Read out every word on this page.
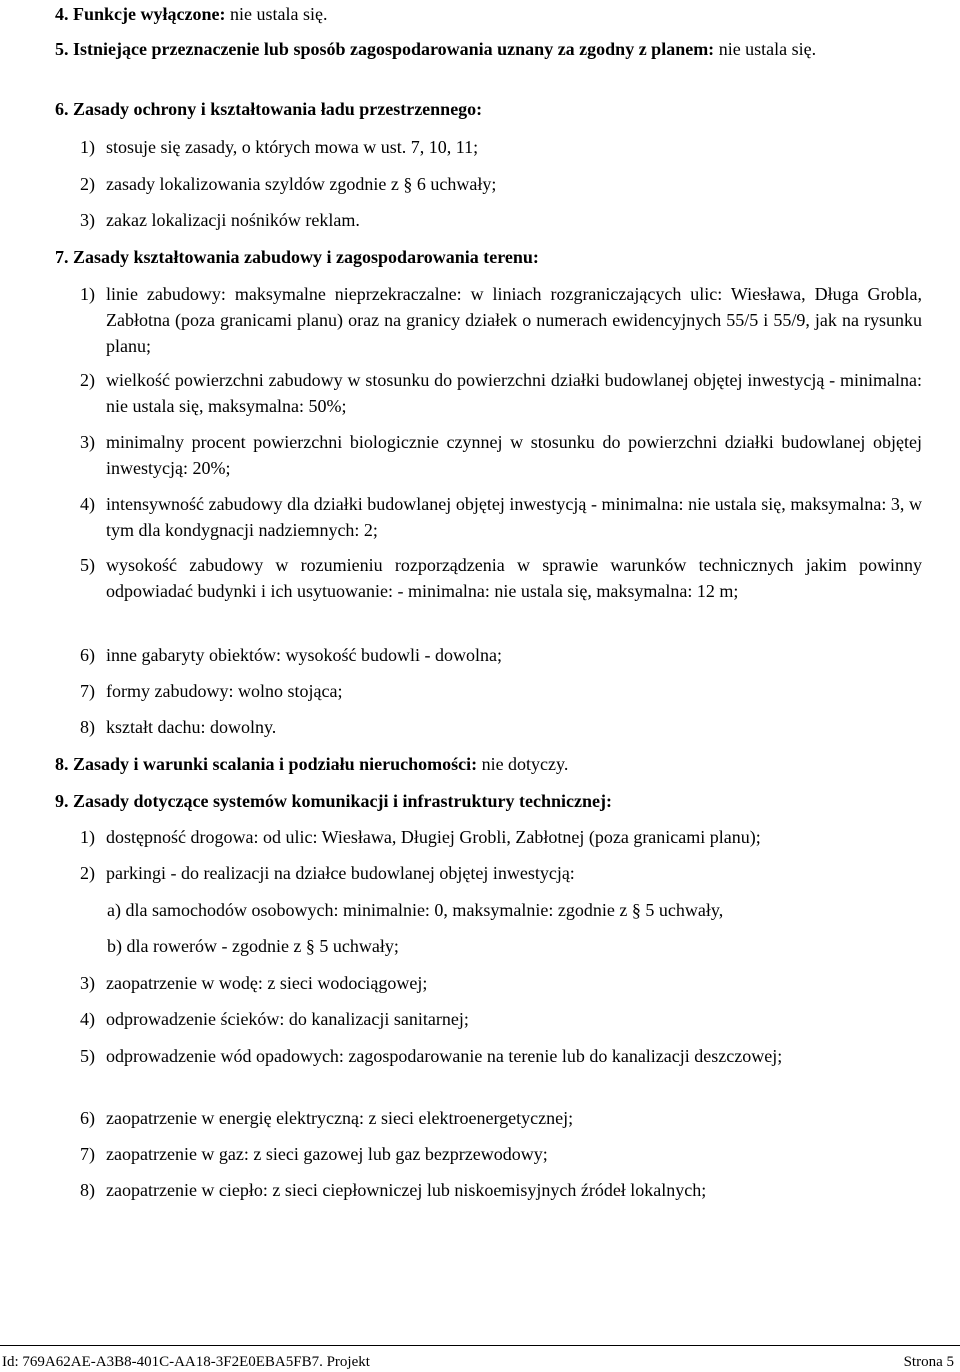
4. Funkcje wyłączone: nie ustala się.
5. Istniejące przeznaczenie lub sposób zagospodarowania uznany za zgodny z planem: nie ustala się.
6. Zasady ochrony i kształtowania ładu przestrzennego:
1) stosuje się zasady, o których mowa w ust. 7, 10, 11;
2) zasady lokalizowania szyldów zgodnie z § 6 uchwały;
3) zakaz lokalizacji nośników reklam.
7. Zasady kształtowania zabudowy i zagospodarowania terenu:
1) linie zabudowy: maksymalne nieprzekraczalne: w liniach rozgraniczających ulic: Wiesława, Długa Grobla, Zabłotna (poza granicami planu) oraz na granicy działek o numerach ewidencyjnych 55/5 i 55/9, jak na rysunku planu;
2) wielkość powierzchni zabudowy w stosunku do powierzchni działki budowlanej objętej inwestycją - minimalna: nie ustala się, maksymalna: 50%;
3) minimalny procent powierzchni biologicznie czynnej w stosunku do powierzchni działki budowlanej objętej inwestycją: 20%;
4) intensywność zabudowy dla działki budowlanej objętej inwestycją - minimalna: nie ustala się, maksymalna: 3, w tym dla kondygnacji nadziemnych: 2;
5) wysokość zabudowy w rozumieniu rozporządzenia w sprawie warunków technicznych jakim powinny odpowiadać budynki i ich usytuowanie: - minimalna: nie ustala się, maksymalna: 12 m;
6) inne gabaryty obiektów: wysokość budowli - dowolna;
7) formy zabudowy: wolno stojąca;
8) kształt dachu: dowolny.
8. Zasady i warunki scalania i podziału nieruchomości: nie dotyczy.
9. Zasady dotyczące systemów komunikacji i infrastruktury technicznej:
1) dostępność drogowa: od ulic: Wiesława, Długiej Grobli, Zabłotnej (poza granicami planu);
2) parkingi - do realizacji na działce budowlanej objętej inwestycją:
a) dla samochodów osobowych: minimalnie: 0, maksymalnie: zgodnie z § 5 uchwały,
b) dla rowerów - zgodnie z § 5 uchwały;
3) zaopatrzenie w wodę: z sieci wodociągowej;
4) odprowadzenie ścieków: do kanalizacji sanitarnej;
5) odprowadzenie wód opadowych: zagospodarowanie na terenie lub do kanalizacji deszczowej;
6) zaopatrzenie w energię elektryczną: z sieci elektroenergetycznej;
7) zaopatrzenie w gaz: z sieci gazowej lub gaz bezprzewodowy;
8) zaopatrzenie w ciepło: z sieci ciepłowniczej lub niskoemisyjnych źródeł lokalnych;
Id: 769A62AE-A3B8-401C-AA18-3F2E0EBA5FB7. Projekt	Strona 5
